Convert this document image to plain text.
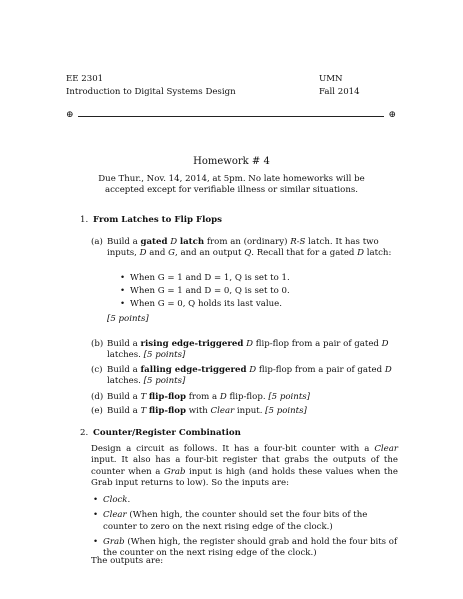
EE 2301
Introduction to Digital Systems Design
UMN
Fall 2014
⊕	⊕
Homework # 4
Due Thur., Nov. 14, 2014, at 5pm. No late homeworks will be accepted except for verifiable illness or similar situations.
1. From Latches to Flip Flops
(a) Build a gated D latch from an (ordinary) R-S latch. It has two inputs, D and G, and an output Q. Recall that for a gated D latch:
• When G = 1 and D = 1, Q is set to 1.
• When G = 1 and D = 0, Q is set to 0.
• When G = 0, Q holds its last value.
[5 points]
(b) Build a rising edge-triggered D flip-flop from a pair of gated D latches. [5 points]
(c) Build a falling edge-triggered D flip-flop from a pair of gated D latches. [5 points]
(d) Build a T flip-flop from a D flip-flop. [5 points]
(e) Build a T flip-flop with Clear input. [5 points]
2. Counter/Register Combination
Design a circuit as follows. It has a four-bit counter with a Clear input. It also has a four-bit register that grabs the outputs of the counter when a Grab input is high (and holds these values when the Grab input returns to low). So the inputs are:
• Clock.
• Clear (When high, the counter should set the four bits of the counter to zero on the next rising edge of the clock.)
• Grab (When high, the register should grab and hold the four bits of the counter on the next rising edge of the clock.)
The outputs are:
